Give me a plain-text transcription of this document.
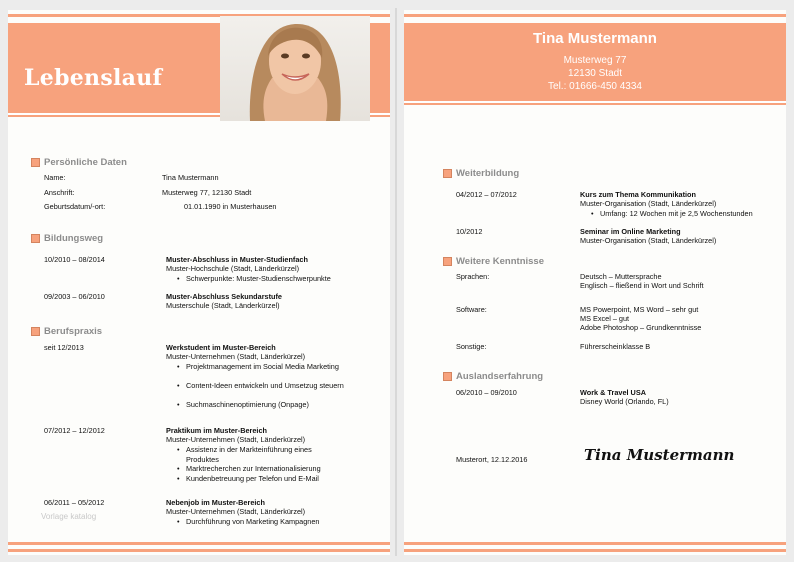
Lebenslauf
Persönliche Daten
Name:	Tina Mustermann
Anschrift:	Musterweg 77, 12130 Stadt
Geburtsdatum/-ort:	01.01.1990 in Musterhausen
Bildungsweg
10/2010 – 08/2014	Muster-Abschluss in Muster-Studienfach
Muster-Hochschule (Stadt, Länderkürzel)
• Schwerpunkte: Muster-Studienschwerpunkte
09/2003 – 06/2010	Muster-Abschluss Sekundarstufe
Musterschule (Stadt, Länderkürzel)
Berufspraxis
seit 12/2013	Werkstudent im Muster-Bereich
Muster-Unternehmen (Stadt, Länderkürzel)
• Projektmanagement im Social Media Marketing
• Content-Ideen entwickeln und Umsetzug steuern
• Suchmaschinenoptimierung (Onpage)
07/2012 – 12/2012	Praktikum im Muster-Bereich
Muster-Unternehmen (Stadt, Länderkürzel)
• Assistenz in der Markteinführung eines Produktes
• Marktrecherchen zur Internationalisierung
• Kundenbetreuung per Telefon und E-Mail
06/2011 – 05/2012	Nebenjob im Muster-Bereich
Muster-Unternehmen (Stadt, Länderkürzel)
• Durchführung von Marketing Kampagnen
Vorlage katalog
Tina Mustermann
Musterweg 77
12130 Stadt
Tel.: 01666-450 4334
Weiterbildung
04/2012 – 07/2012	Kurs zum Thema Kommunikation
Muster-Organisation (Stadt, Länderkürzel)
• Umfang: 12 Wochen mit je 2,5 Wochenstunden
10/2012	Seminar im Online Marketing
Muster-Organisation (Stadt, Länderkürzel)
Weitere Kenntnisse
Sprachen:	Deutsch – Muttersprache
Englisch – fließend in Wort und Schrift
Software:	MS Powerpoint, MS Word – sehr gut
MS Excel – gut
Adobe Photoshop – Grundkenntnisse
Sonstige:	Führerscheinklasse B
Auslandserfahrung
06/2010 – 09/2010	Work & Travel USA
Disney World (Orlando, FL)
Musterort, 12.12.2016	Tina Mustermann
